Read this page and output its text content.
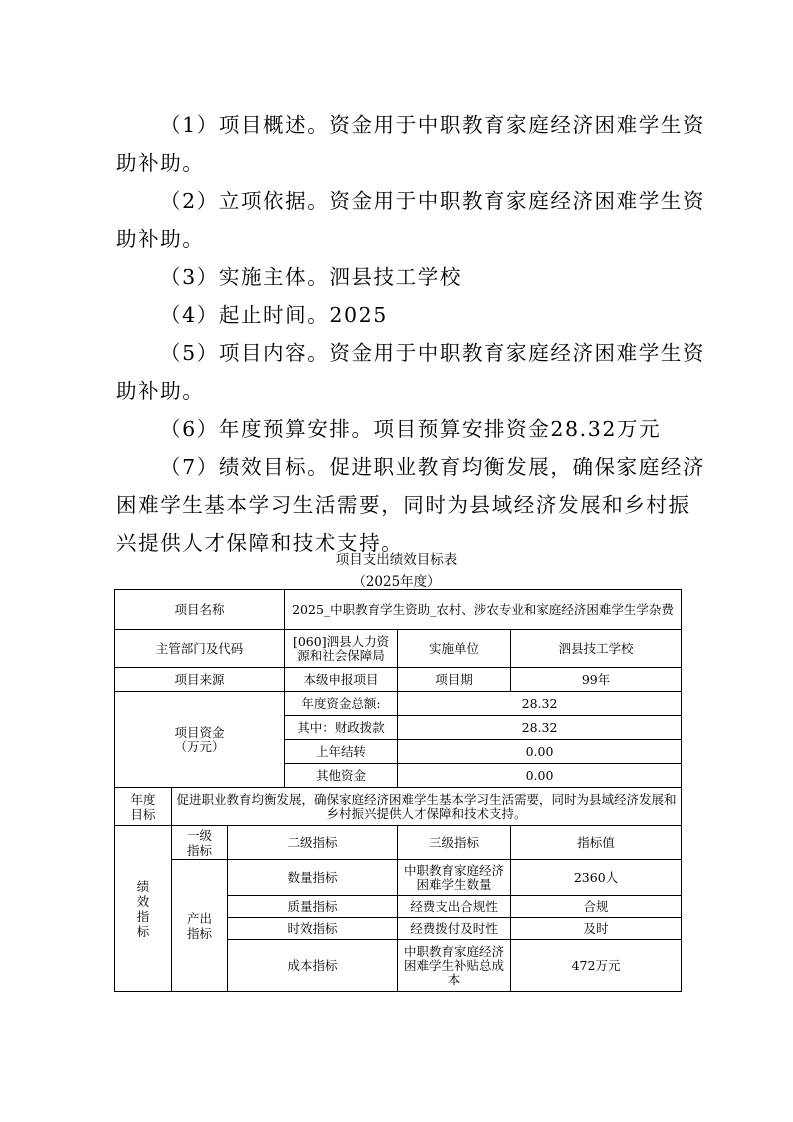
（1）项目概述。资金用于中职教育家庭经济困难学生资
助补助。
（2）立项依据。资金用于中职教育家庭经济困难学生资
助补助。
（3）实施主体。泗县技工学校
（4）起止时间。2025
（5）项目内容。资金用于中职教育家庭经济困难学生资
助补助。
（6）年度预算安排。项目预算安排资金28.32万元
（7）绩效目标。促进职业教育均衡发展，确保家庭经济
困难学生基本学习生活需要，同时为县域经济发展和乡村振
兴提供人才保障和技术支持。
项目支出绩效目标表
（2025年度）
项目名称			2025_中职教育学生资助_农村、涉农专业和家庭经济困难学生学杂费		
主管部门及代码			[060]泗县人力资源和社会保障局	实施单位	泗县技工学校
项目来源			本级申报项目	项目期	99年

项目资金
（万元）			年度资金总额:	28.32	
			其中：财政拨款	28.32	
			上年结转	0.00	
			其他资金	0.00	
年度目标	促进职业教育均衡发展，确保家庭经济困难学生基本学习生活需要，同时为县域经济发展和乡村振兴提供人才保障和技术支持。				
绩效指标	一级指标	二级指标		三级指标	指标值
	产出指标	数量指标		中职教育家庭经济困难学生数量	2360人
		质量指标		经费支出合规性	合规
		时效指标		经费拨付及时性	及时
		成本指标		中职教育家庭经济困难学生补贴总成本	472万元
